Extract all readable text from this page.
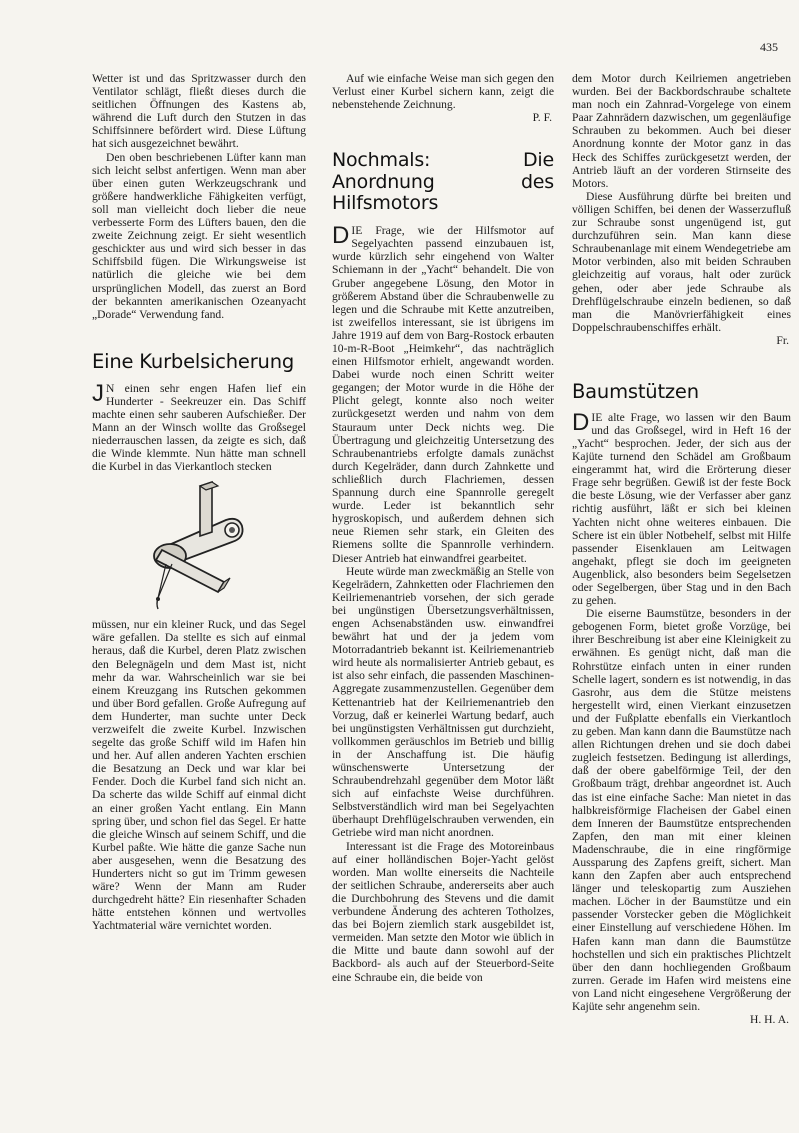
435

Wetter ist und das Spritzwasser durch den Ventilator schlägt, fließt dieses durch die seitlichen Öffnungen des Kastens ab, während die Luft durch den Stutzen in das Schiffsinnere befördert wird. Diese Lüftung hat sich ausgezeichnet bewährt.

Den oben beschriebenen Lüfter kann man sich leicht selbst anfertigen. Wenn man aber über einen guten Werkzeugschrank und größere handwerkliche Fähigkeiten verfügt, soll man vielleicht doch lieber die neue verbesserte Form des Lüfters bauen, den die zweite Zeichnung zeigt. Er sieht wesentlich geschickter aus und wird sich besser in das Schiffsbild fügen. Die Wirkungsweise ist natürlich die gleiche wie bei dem ursprünglichen Modell, das zuerst an Bord der bekannten amerikanischen Ozeanyacht „Dorade“ Verwendung fand.

Eine Kurbelsicherung

J N einen sehr engen Hafen lief ein Hunderter - Seekreuzer ein. Das Schiff machte einen sehr sauberen Aufschießer. Der Mann an der Winsch wollte das Großsegel niederrauschen lassen, da zeigte es sich, daß die Winde klemmte. Nun hätte man schnell die Kurbel in das Vierkantloch stecken

müssen, nur ein kleiner Ruck, und das Segel wäre gefallen. Da stellte es sich auf einmal heraus, daß die Kurbel, deren Platz zwischen den Belegnägeln und dem Mast ist, nicht mehr da war. Wahrscheinlich war sie bei einem Kreuzgang ins Rutschen gekommen und über Bord gefallen. Große Aufregung auf dem Hunderter, man suchte unter Deck verzweifelt die zweite Kurbel. Inzwischen segelte das große Schiff wild im Hafen hin und her. Auf allen anderen Yachten erschien die Besatzung an Deck und war klar bei Fender. Doch die Kurbel fand sich nicht an. Da scherte das wilde Schiff auf einmal dicht an einer großen Yacht entlang. Ein Mann spring über, und schon fiel das Segel. Er hatte die gleiche Winsch auf seinem Schiff, und die Kurbel paßte. Wie hätte die ganze Sache nun aber ausgesehen, wenn die Besatzung des Hunderters nicht so gut im Trimm gewesen wäre? Wenn der Mann am Ruder durchgedreht hätte? Ein riesenhafter Schaden hätte entstehen können und wertvolles Yachtmaterial wäre vernichtet worden.

Auf wie einfache Weise man sich gegen den Verlust einer Kurbel sichern kann, zeigt die nebenstehende Zeichnung.

P. F.

Nochmals: Die Anordnung des Hilfsmotors

DIE Frage, wie der Hilfsmotor auf Segelyachten passend einzubauen ist, wurde kürzlich sehr eingehend von Walter Schiemann in der „Yacht“ behandelt. Die von Gruber angegebene Lösung, den Motor in größerem Abstand über die Schraubenwelle zu legen und die Schraube mit Kette anzutreiben, ist zweifellos interessant, sie ist übrigens im Jahre 1919 auf dem von Barg-Rostock erbauten 10-m-R-Boot „Heimkehr“, das nachträglich einen Hilfsmotor erhielt, angewandt worden. Dabei wurde noch einen Schritt weiter gegangen; der Motor wurde in die Höhe der Plicht gelegt, konnte also noch weiter zurückgesetzt werden und nahm von dem Stauraum unter Deck nichts weg. Die Übertragung und gleichzeitig Untersetzung des Schraubenantriebs erfolgte damals zunächst durch Kegelräder, dann durch Zahnkette und schließlich durch Flachriemen, dessen Spannung durch eine Spannrolle geregelt wurde. Leder ist bekanntlich sehr hygroskopisch, und außerdem dehnen sich neue Riemen sehr stark, ein Gleiten des Riemens sollte die Spannrolle verhindern. Dieser Antrieb hat einwandfrei gearbeitet.

Heute würde man zweckmäßig an Stelle von Kegelrädern, Zahnketten oder Flachriemen den Keilriemenantrieb vorsehen, der sich gerade bei ungünstigen Übersetzungsverhältnissen, engen Achsenabständen usw. einwandfrei bewährt hat und der ja jedem vom Motorradantrieb bekannt ist. Keilriemenantrieb wird heute als normalisierter Antrieb gebaut, es ist also sehr einfach, die passenden Maschinen-Aggregate zusammenzustellen. Gegenüber dem Kettenantrieb hat der Keilriemenantrieb den Vorzug, daß er keinerlei Wartung bedarf, auch bei ungünstigsten Verhältnissen gut durchzieht, vollkommen geräuschlos im Betrieb und billig in der Anschaffung ist. Die häufig wünschenswerte Untersetzung der Schraubendrehzahl gegenüber dem Motor läßt sich auf einfachste Weise durchführen. Selbstverständlich wird man bei Segelyachten überhaupt Drehflügelschrauben verwenden, ein Getriebe wird man nicht anordnen.

Interessant ist die Frage des Motoreinbaus auf einer holländischen Bojer-Yacht gelöst worden. Man wollte einerseits die Nachteile der seitlichen Schraube, andererseits aber auch die Durchbohrung des Stevens und die damit verbundene Änderung des achteren Totholzes, das bei Bojern ziemlich stark ausgebildet ist, vermeiden. Man setzte den Motor wie üblich in die Mitte und baute dann sowohl auf der Backbord- als auch auf der Steuerbord-Seite eine Schraube ein, die beide von

dem Motor durch Keilriemen angetrieben wurden. Bei der Backbordschraube schaltete man noch ein Zahnrad-Vorgelege von einem Paar Zahnrädern dazwischen, um gegenläufige Schrauben zu bekommen. Auch bei dieser Anordnung konnte der Motor ganz in das Heck des Schiffes zurückgesetzt werden, der Antrieb läuft an der vorderen Stirnseite des Motors.

Diese Ausführung dürfte bei breiten und völligen Schiffen, bei denen der Wasserzufluß zur Schraube sonst ungenügend ist, gut durchzuführen sein. Man kann diese Schraubenanlage mit einem Wendegetriebe am Motor verbinden, also mit beiden Schrauben gleichzeitig auf voraus, halt oder zurück gehen, oder aber jede Schraube als Drehflügelschraube einzeln bedienen, so daß man die Manövrierfähigkeit eines Doppelschraubenschiffes erhält.

Fr.

Baumstützen

DIE alte Frage, wo lassen wir den Baum und das Großsegel, wird in Heft 16 der „Yacht“ besprochen. Jeder, der sich aus der Kajüte turnend den Schädel am Großbaum eingerammt hat, wird die Erörterung dieser Frage sehr begrüßen. Gewiß ist der feste Bock die beste Lösung, wie der Verfasser aber ganz richtig ausführt, läßt er sich bei kleinen Yachten nicht ohne weiteres einbauen. Die Schere ist ein übler Notbehelf, selbst mit Hilfe passender Eisenklauen am Leitwagen angehakt, pflegt sie doch im geeigneten Augenblick, also besonders beim Segelsetzen oder Segelbergen, über Stag und in den Bach zu gehen.

Die eiserne Baumstütze, besonders in der gebogenen Form, bietet große Vorzüge, bei ihrer Beschreibung ist aber eine Kleinigkeit zu erwähnen. Es genügt nicht, daß man die Rohrstütze einfach unten in einer runden Schelle lagert, sondern es ist notwendig, in das Gasrohr, aus dem die Stütze meistens hergestellt wird, einen Vierkant einzusetzen und der Fußplatte ebenfalls ein Vierkantloch zu geben. Man kann dann die Baumstütze nach allen Richtungen drehen und sie doch dabei zugleich festsetzen. Bedingung ist allerdings, daß der obere gabelförmige Teil, der den Großbaum trägt, drehbar angeordnet ist. Auch das ist eine einfache Sache: Man nietet in das halbkreisförmige Flacheisen der Gabel einen dem Inneren der Baumstütze entsprechenden Zapfen, den man mit einer kleinen Madenschraube, die in eine ringförmige Aussparung des Zapfens greift, sichert. Man kann den Zapfen aber auch entsprechend länger und teleskopartig zum Ausziehen machen. Löcher in der Baumstütze und ein passender Vorstecker geben die Möglichkeit einer Einstellung auf verschiedene Höhen. Im Hafen kann man dann die Baumstütze hochstellen und sich ein praktisches Plichtzelt über den dann hochliegenden Großbaum zurren. Gerade im Hafen wird meistens eine von Land nicht eingesehene Vergrößerung der Kajüte sehr angenehm sein.

H. H. A.
